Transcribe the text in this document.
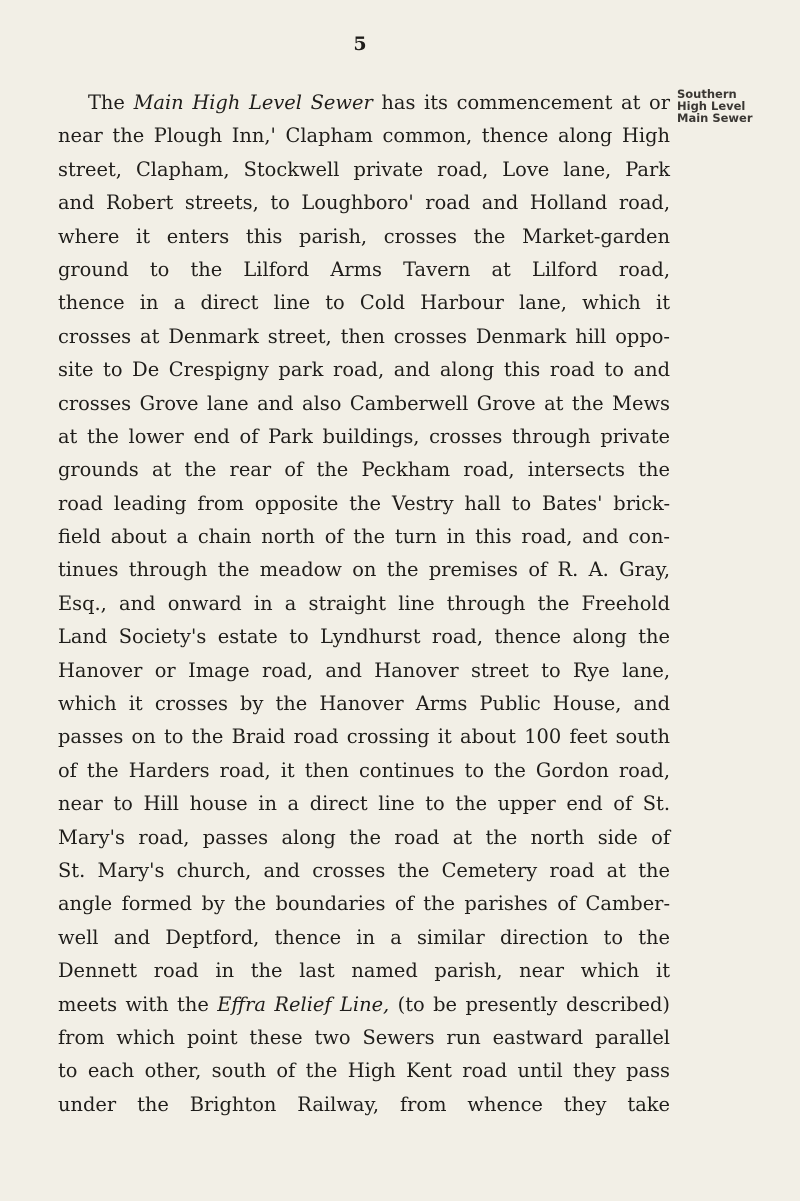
5
Southern
High Level
Main Sewer
The Main High Level Sewer has its commencement at or
near the Plough Inn,' Clapham common, thence along High
street, Clapham, Stockwell private road, Love lane, Park
and Robert streets, to Loughboro' road and Holland road,
where it enters this parish, crosses the Market-garden
ground to the Lilford Arms Tavern at Lilford road,
thence in a direct line to Cold Harbour lane, which it
crosses at Denmark street, then crosses Denmark hill oppo-
site to De Crespigny park road, and along this road to and
crosses Grove lane and also Camberwell Grove at the Mews
at the lower end of Park buildings, crosses through private
grounds at the rear of the Peckham road, intersects the
road leading from opposite the Vestry hall to Bates' brick-
field about a chain north of the turn in this road, and con-
tinues through the meadow on the premises of R. A. Gray,
Esq., and onward in a straight line through the Freehold
Land Society's estate to Lyndhurst road, thence along the
Hanover or Image road, and Hanover street to Rye lane,
which it crosses by the Hanover Arms Public House, and
passes on to the Braid road crossing it about 100 feet south
of the Harders road, it then continues to the Gordon road,
near to Hill house in a direct line to the upper end of St.
Mary's road, passes along the road at the north side of
St. Mary's church, and crosses the Cemetery road at the
angle formed by the boundaries of the parishes of Camber-
well and Deptford, thence in a similar direction to the
Dennett road in the last named parish, near which it
meets with the Effra Relief Line, (to be presently described)
from which point these two Sewers run eastward parallel
to each other, south of the High Kent road until they pass
under the Brighton Railway, from whence they take
